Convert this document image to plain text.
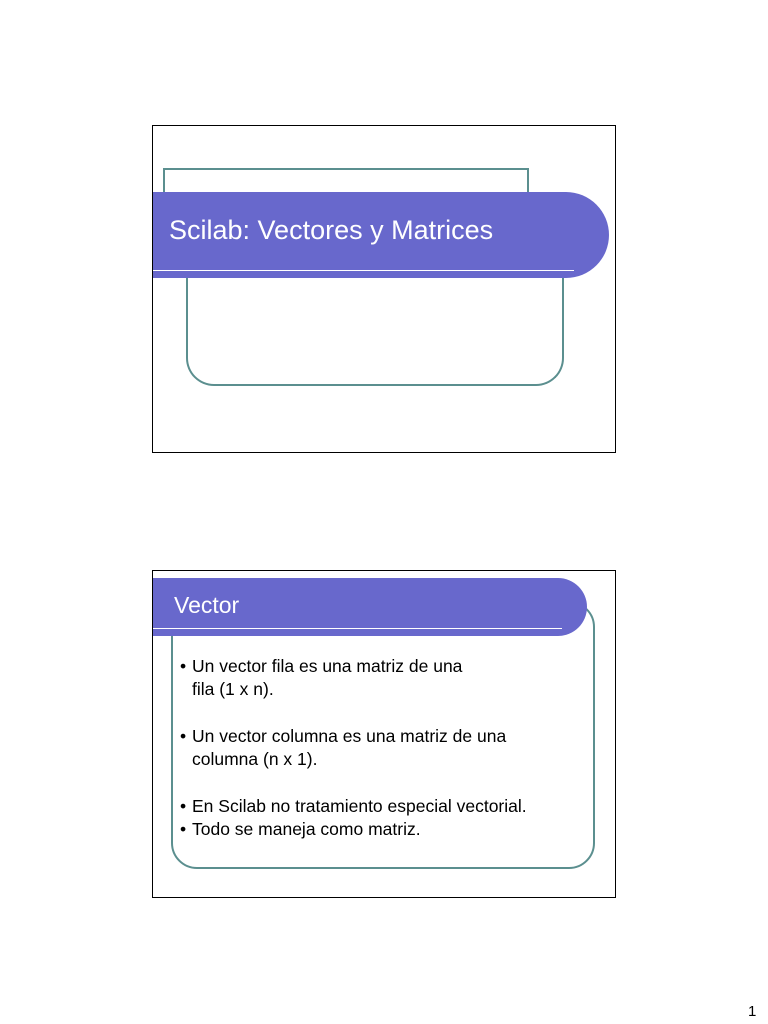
Scilab: Vectores y Matrices
Vector
• Un vector fila es una matriz de una
fila (1 x n).
• Un vector columna es una matriz de una
columna (n x 1).
• En Scilab no tratamiento especial vectorial.
• Todo se maneja como matriz.

1
